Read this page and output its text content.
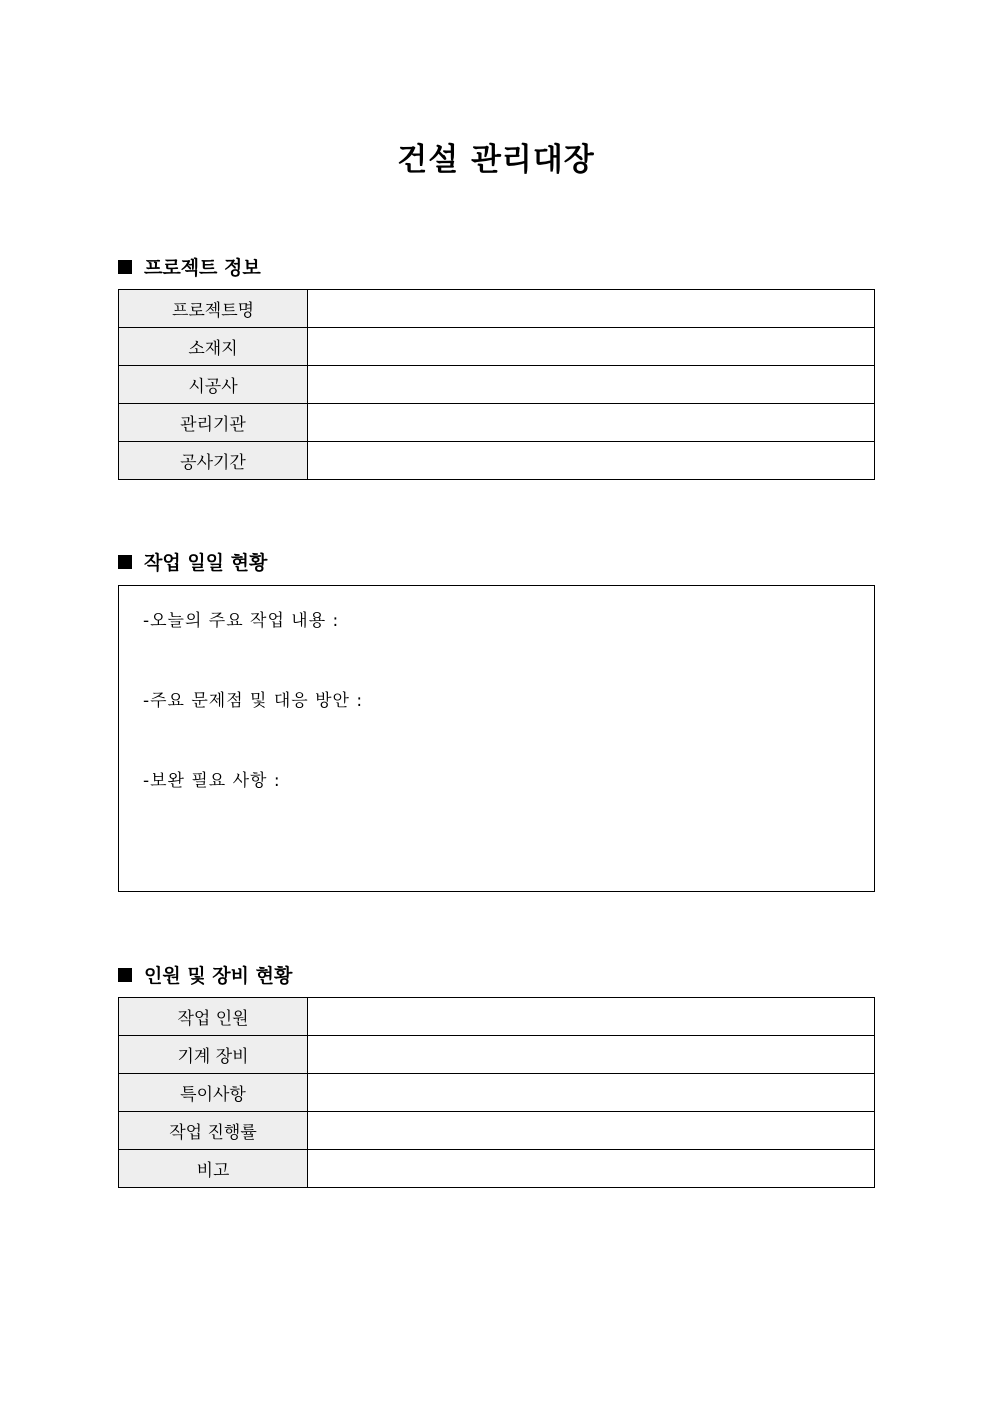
건설 관리대장
프로젝트 정보
프로젝트명	
소재지	
시공사	
관리기관	
공사기간	
작업 일일 현황
-오늘의 주요 작업 내용 :
-주요 문제점 및 대응 방안 :
-보완 필요 사항 :
인원 및 장비 현황
작업 인원	
기계 장비	
특이사항	
작업 진행률	
비고	
